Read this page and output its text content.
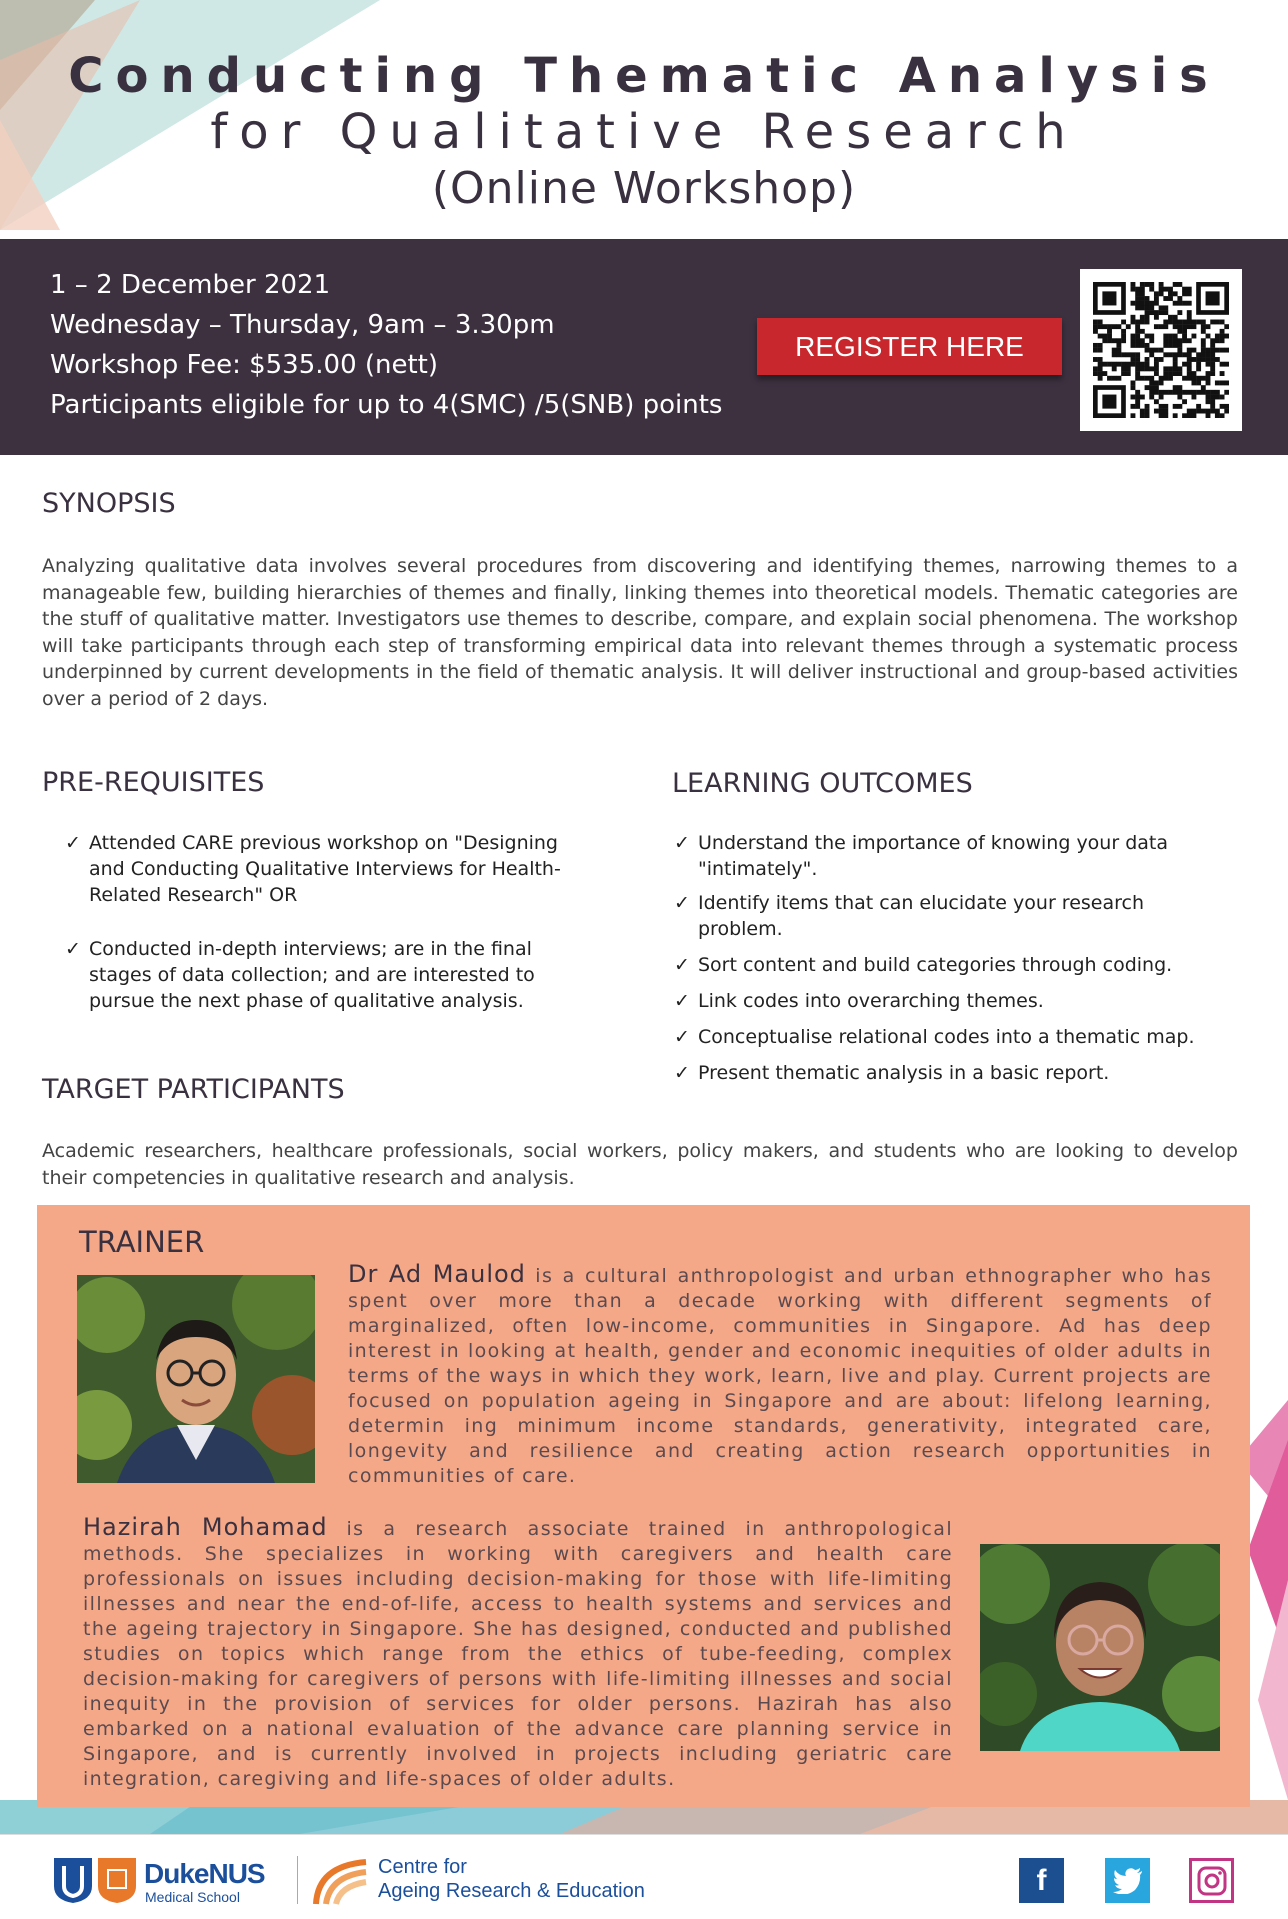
Conducting Thematic Analysis
for Qualitative Research
(Online Workshop)
1 – 2 December 2021
Wednesday – Thursday, 9am – 3.30pm
Workshop Fee: $535.00 (nett)
Participants eligible for up to 4(SMC) /5(SNB) points
REGISTER HERE
SYNOPSIS

Analyzing qualitative data involves several procedures from discovering and identifying themes, narrowing themes to a manageable few, building hierarchies of themes and finally, linking themes into theoretical models. Thematic categories are the stuff of qualitative matter. Investigators use themes to describe, compare, and explain social phenomena. The workshop will take participants through each step of transforming empirical data into relevant themes through a systematic process underpinned by current developments in the field of thematic analysis. It will deliver instructional and group-based activities over a period of 2 days.

PRE-REQUISITES
✓ Attended CARE previous workshop on "Designing and Conducting Qualitative Interviews for Health-Related Research" OR
✓ Conducted in-depth interviews; are in the final stages of data collection; and are interested to pursue the next phase of qualitative analysis.
LEARNING OUTCOMES
✓ Understand the importance of knowing your data "intimately".
✓ Identify items that can elucidate your research problem.
✓ Sort content and build categories through coding.
✓ Link codes into overarching themes.
✓ Conceptualise relational codes into a thematic map.
✓ Present thematic analysis in a basic report.
TARGET PARTICIPANTS

Academic researchers, healthcare professionals, social workers, policy makers, and students who are looking to develop their competencies in qualitative research and analysis.

TRAINER

Dr Ad Maulod is a cultural anthropologist and urban ethnographer who has spent over more than a decade working with different segments of marginalized, often low-income, communities in Singapore. Ad has deep interest in looking at health, gender and economic inequities of older adults in terms of the ways in which they work, learn, live and play. Current projects are focused on population ageing in Singapore and are about: lifelong learning, determin ing minimum income standards, generativity, integrated care, longevity and resilience and creating action research opportunities in communities of care.

Hazirah Mohamad is a research associate trained in anthropological methods. She specializes in working with caregivers and health care professionals on issues including decision-making for those with life-limiting illnesses and near the end-of-life, access to health systems and services and the ageing trajectory in Singapore. She has designed, conducted and published studies on topics which range from the ethics of tube-feeding, complex decision-making for caregivers of persons with life-limiting illnesses and social inequity in the provision of services for older persons. Hazirah has also embarked on a national evaluation of the advance care planning service in Singapore, and is currently involved in projects including geriatric care integration, caregiving and life-spaces of older adults.

DukeNUS
Medical School
Centre for
Ageing Research & Education	f
